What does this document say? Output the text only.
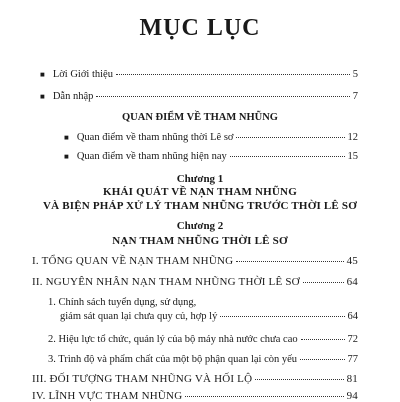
MỤC LỤC
■ Lời Giới thiệu	5
■ Dẫn nhập	7
QUAN ĐIỂM VỀ THAM NHŨNG
■ Quan điểm về tham nhũng thời Lê sơ	12
■ Quan điểm về tham nhũng hiện nay	15
Chương 1
KHÁI QUÁT VỀ NẠN THAM NHŨNG
VÀ BIỆN PHÁP XỬ LÝ THAM NHŨNG TRƯỚC THỜI LÊ SƠ
Chương 2
NẠN THAM NHŨNG THỜI LÊ SƠ
I. TỔNG QUAN VỀ NẠN THAM NHŨNG	45
II. NGUYÊN NHÂN NẠN THAM NHŨNG THỜI LÊ SƠ	64
1. Chính sách tuyển dụng, sử dụng,
giám sát quan lại chưa quy củ, hợp lý	64
2. Hiệu lực tổ chức, quản lý của bộ máy nhà nước chưa cao	72
3. Trình độ và phẩm chất của một bộ phận quan lại còn yếu	77
III. ĐỐI TƯỢNG THAM NHŨNG VÀ HỐI LỘ	81
IV. LĨNH VỰC THAM NHŨNG	94
